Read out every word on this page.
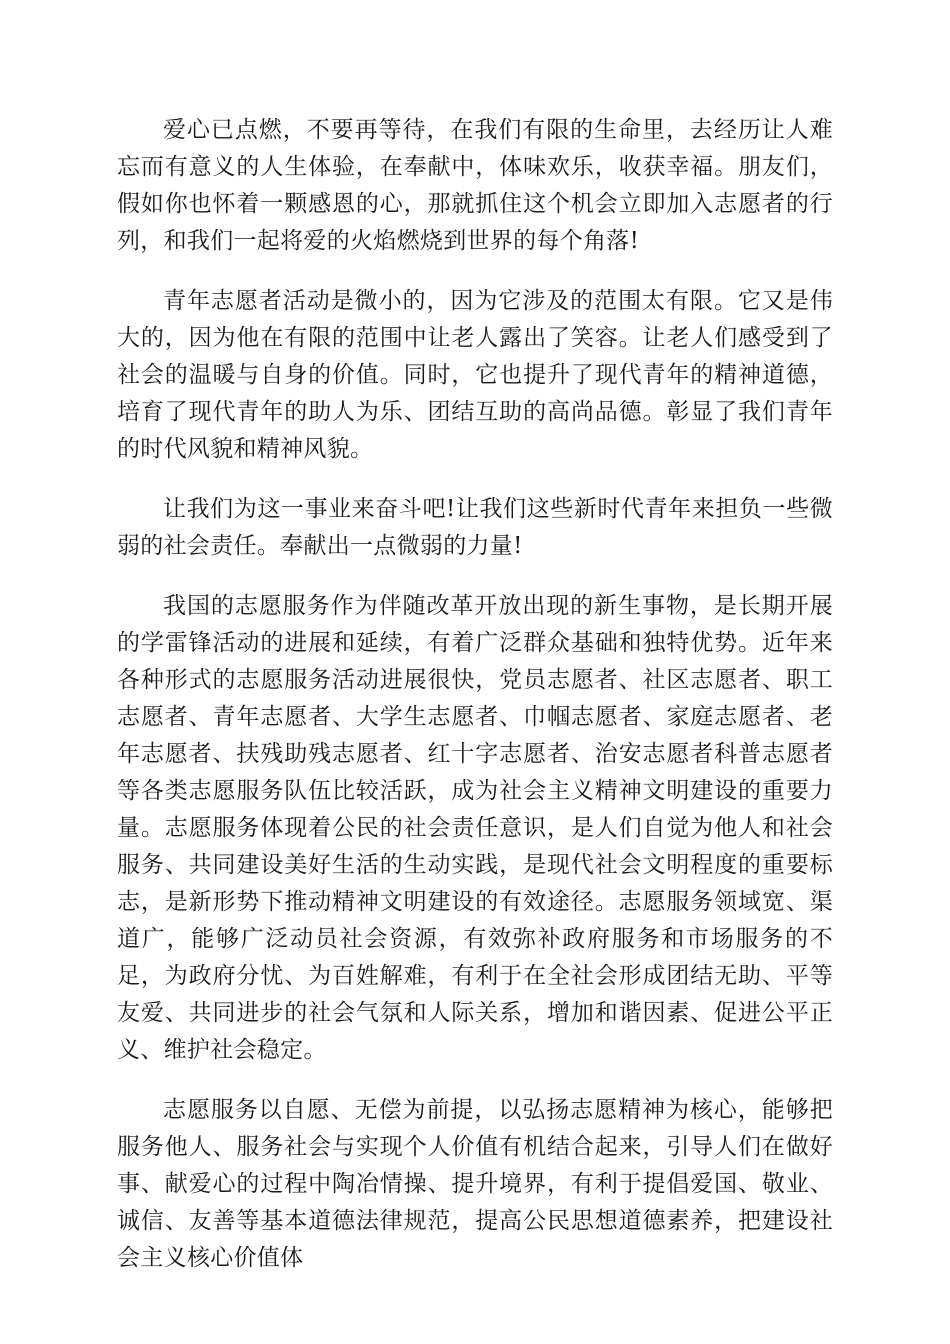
爱心已点燃，不要再等待，在我们有限的生命里，去经历让人难忘而有意义的人生体验，在奉献中，体味欢乐，收获幸福。朋友们，假如你也怀着一颗感恩的心，那就抓住这个机会立即加入志愿者的行列，和我们一起将爱的火焰燃烧到世界的每个角落!

青年志愿者活动是微小的，因为它涉及的范围太有限。它又是伟大的，因为他在有限的范围中让老人露出了笑容。让老人们感受到了社会的温暖与自身的价值。同时，它也提升了现代青年的精神道德，培育了现代青年的助人为乐、团结互助的高尚品德。彰显了我们青年的时代风貌和精神风貌。

让我们为这一事业来奋斗吧!让我们这些新时代青年来担负一些微弱的社会责任。奉献出一点微弱的力量!

我国的志愿服务作为伴随改革开放出现的新生事物，是长期开展的学雷锋活动的进展和延续，有着广泛群众基础和独特优势。近年来各种形式的志愿服务活动进展很快，党员志愿者、社区志愿者、职工志愿者、青年志愿者、大学生志愿者、巾帼志愿者、家庭志愿者、老年志愿者、扶残助残志愿者、红十字志愿者、治安志愿者科普志愿者等各类志愿服务队伍比较活跃，成为社会主义精神文明建设的重要力量。志愿服务体现着公民的社会责任意识，是人们自觉为他人和社会服务、共同建设美好生活的生动实践，是现代社会文明程度的重要标志，是新形势下推动精神文明建设的有效途径。志愿服务领域宽、渠道广，能够广泛动员社会资源，有效弥补政府服务和市场服务的不足，为政府分忧、为百姓解难，有利于在全社会形成团结无助、平等友爱、共同进步的社会气氛和人际关系，增加和谐因素、促进公平正义、维护社会稳定。

志愿服务以自愿、无偿为前提，以弘扬志愿精神为核心，能够把服务他人、服务社会与实现个人价值有机结合起来，引导人们在做好事、献爱心的过程中陶冶情操、提升境界，有利于提倡爱国、敬业、诚信、友善等基本道德法律规范，提高公民思想道德素养，把建设社会主义核心价值体
